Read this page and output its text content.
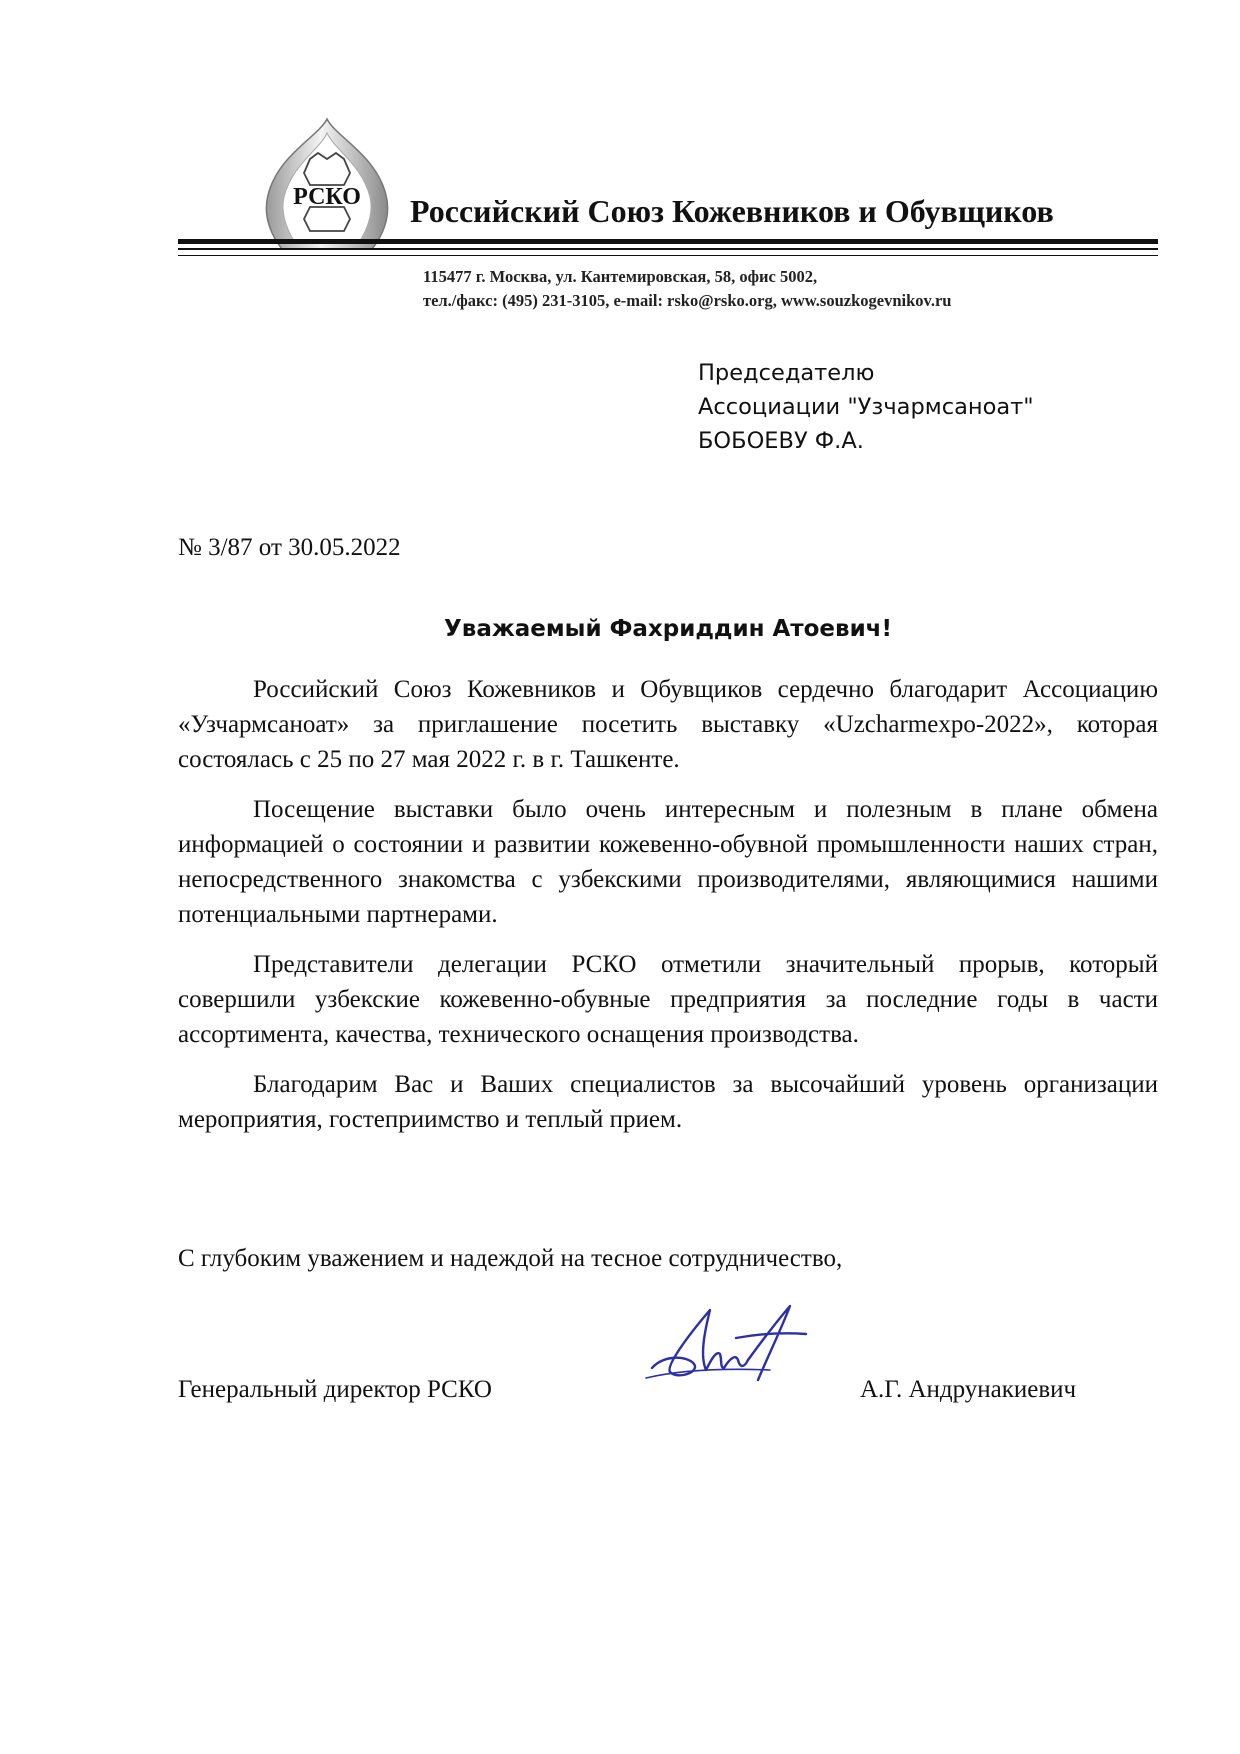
РСКО Российский Союз Кожевников и Обувщиков
115477 г. Москва, ул. Кантемировская, 58, офис 5002,
тел./факс: (495) 231-3105, e-mail: rsko@rsko.org, www.souzkogevnikov.ru
Председателю
Ассоциации "Узчармсаноат"
БОБОЕВУ Ф.А.
№ 3/87 от 30.05.2022
Уважаемый Фахриддин Атоевич!

Российский Союз Кожевников и Обувщиков сердечно благодарит Ассоциацию «Узчармсаноат» за приглашение посетить выставку «Uzcharmexpo-2022», которая состоялась с 25 по 27 мая 2022 г. в г. Ташкенте.

Посещение выставки было очень интересным и полезным в плане обмена информацией о состоянии и развитии кожевенно-обувной промышленности наших стран, непосредственного знакомства с узбекскими производителями, являющимися нашими потенциальными партнерами.

Представители делегации РСКО отметили значительный прорыв, который совершили узбекские кожевенно-обувные предприятия за последние годы в части ассортимента, качества, технического оснащения производства.

Благодарим Вас и Ваших специалистов за высочайший уровень организации мероприятия, гостеприимство и теплый прием.

С глубоким уважением и надеждой на тесное сотрудничество,
Генеральный директор РСКО	А.Г. Андрунакиевич
